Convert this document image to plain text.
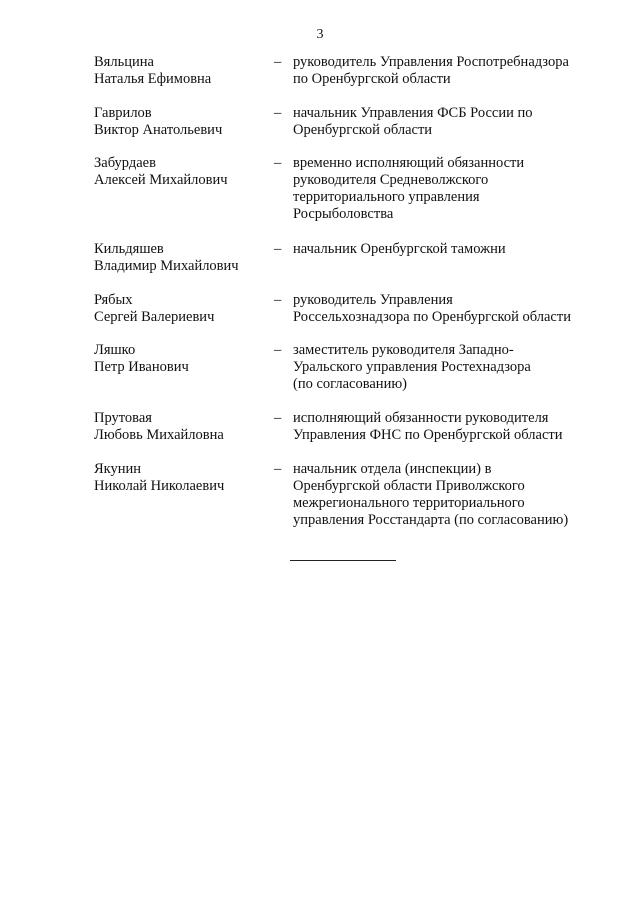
3
Вяльцина
Наталья Ефимовна
– руководитель Управления Роспотребнадзора
по Оренбургской области
Гаврилов
Виктор Анатольевич
– начальник Управления ФСБ России по
Оренбургской области
Забурдаев
Алексей Михайлович
– временно исполняющий обязанности
руководителя Средневолжского
территориального управления
Росрыболовства
Кильдяшев
Владимир Михайлович
– начальник Оренбургской таможни
Рябых
Сергей Валериевич
– руководитель Управления
Россельхознадзора по Оренбургской области
Ляшко
Петр Иванович
– заместитель руководителя Западно-
Уральского управления Ростехнадзора
(по согласованию)
Прутовая
Любовь Михайловна
– исполняющий обязанности руководителя
Управления ФНС по Оренбургской области
Якунин
Николай Николаевич
– начальник отдела (инспекции) в
Оренбургской области Приволжского
межрегионального территориального
управления Росстандарта (по согласованию)
